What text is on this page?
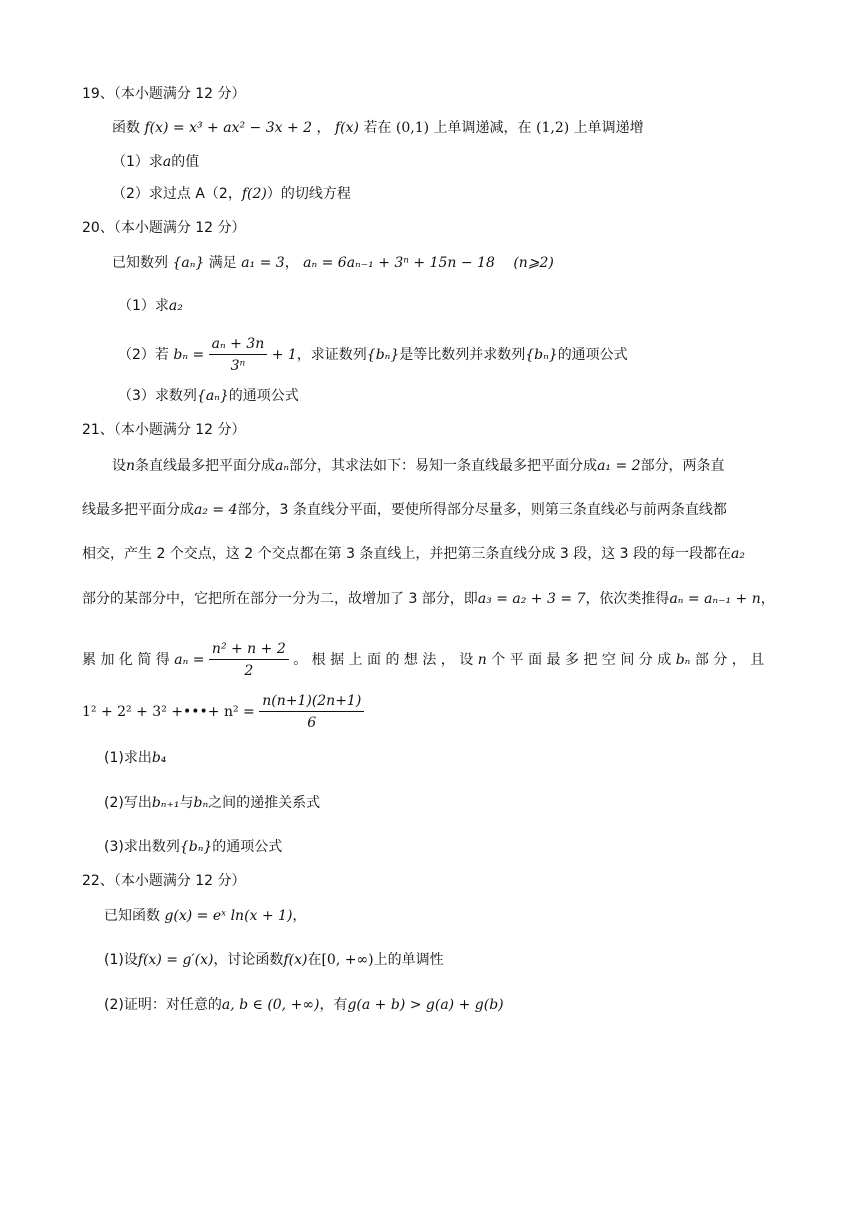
19、（本小题满分 12 分）
函数 f(x) = x³ + ax² − 3x + 2 ， f(x) 若在 (0,1) 上单调递减，在 (1,2) 上单调递增
（1）求a的值
（2）求过点 A（2，f(2)）的切线方程
20、（本小题满分 12 分）
已知数列 {aₙ} 满足 a₁ = 3， aₙ = 6aₙ₋₁ + 3ⁿ + 15n − 18 (n⩾2)
（1）求a₂
（2）若 $b_n = \frac{\text{aₙ + 3n}}{\text{3ⁿ}} + 1$，求证数列{bₙ}是等比数列并求数列{bₙ}的通项公式
（3）求数列{aₙ}的通项公式
21、（本小题满分 12 分）
设n条直线最多把平面分成aₙ部分，其求法如下：易知一条直线最多把平面分成a₁ = 2部分，两条直
线最多把平面分成a₂ = 4部分，3 条直线分平面，要使所得部分尽量多，则第三条直线必与前两条直线都
相交，产生 2 个交点，这 2 个交点都在第 3 条直线上，并把第三条直线分成 3 段，这 3 段的每一段都在a₂
部分的某部分中，它把所在部分一分为二，故增加了 3 部分，即a₃ = a₂ + 3 = 7，依次类推得aₙ = aₙ₋₁ + n，
累 加 化 简 得 $a_n = \frac{\text{n² + n + 2}}{2}$ 。 根 据 上 面 的 想 法 ， 设 n 个 平 面 最 多 把 空 间 分 成 bₙ 部 分 ， 且
1² + 2² + 3² +•••+ $n^2 = \frac{n(n+1)(2n+1)}{6}$
(1)求出b₄
(2)写出bₙ₊₁与bₙ之间的递推关系式
(3)求出数列{bₙ}的通项公式
22、（本小题满分 12 分）
已知函数 g(x) = eˣ ln(x + 1)，
(1)设f(x) = g′(x)，讨论函数f(x)在[0, +∞)上的单调性
(2)证明：对任意的a, b ∈ (0, +∞)，有g(a + b) > g(a) + g(b)
